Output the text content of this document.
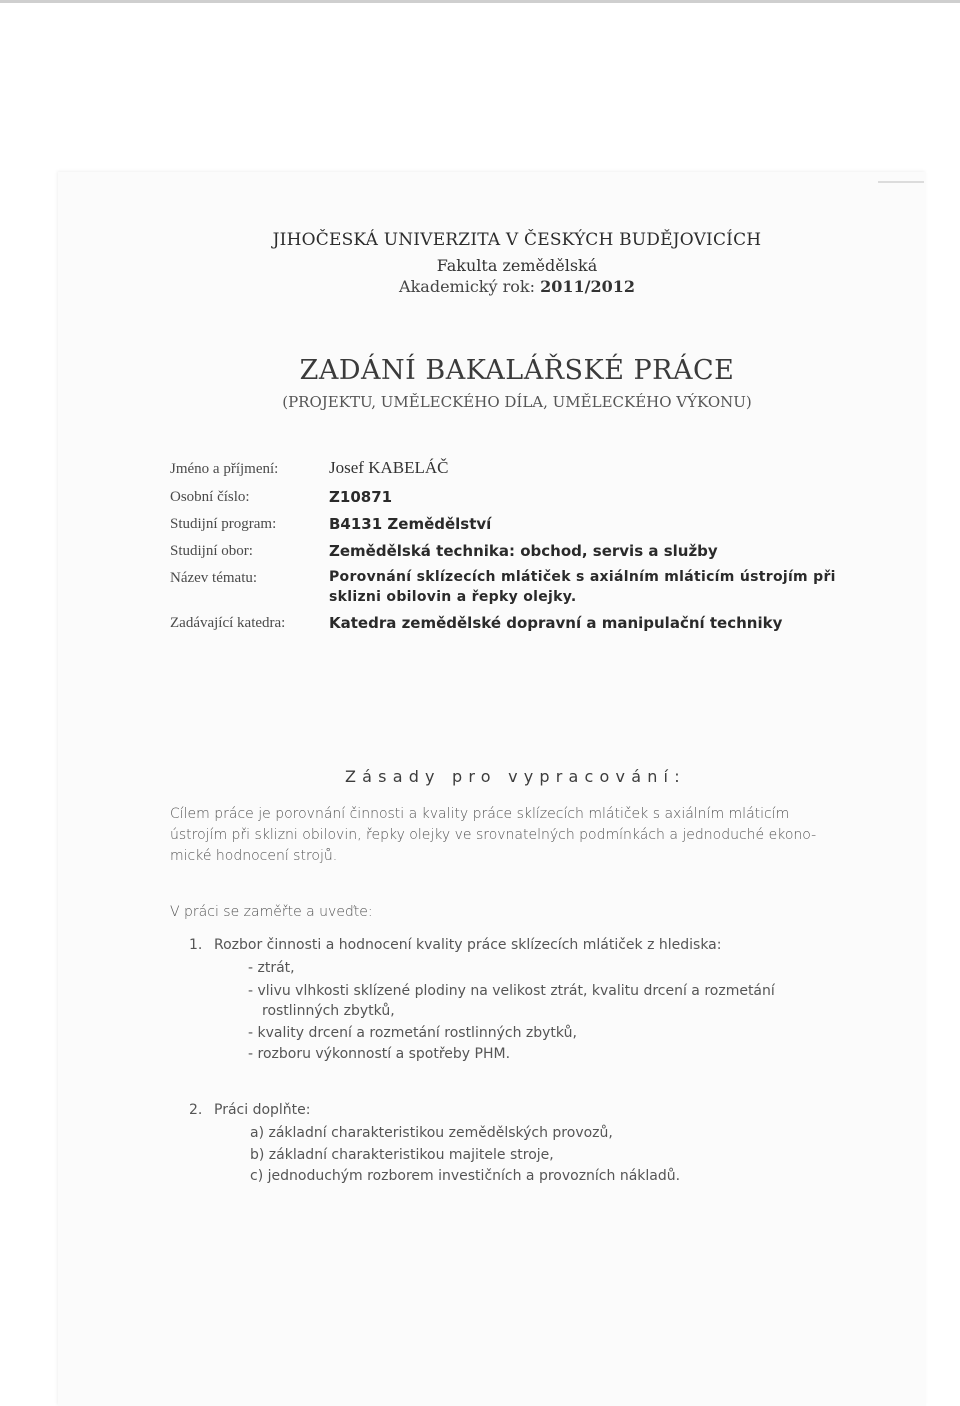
JIHOČESKÁ UNIVERZITA V ČESKÝCH BUDĚJOVICÍCH
Fakulta zemědělská
Akademický rok: 2011/2012
ZADÁNÍ BAKALÁŘSKÉ PRÁCE
(PROJEKTU, UMĚLECKÉHO DÍLA, UMĚLECKÉHO VÝKONU)
Jméno a příjmení:	Josef KABELÁČ
Osobní číslo:	Z10871
Studijní program:	B4131 Zemědělství
Studijní obor:	Zemědělská technika: obchod, servis a služby
Název tématu:	Porovnání sklízecích mlátiček s axiálním mláticím ústrojím při
sklizni obilovin a řepky olejky.
Zadávající katedra:	Katedra zemědělské dopravní a manipulační techniky
Zásady pro vypracování:
Cílem práce je porovnání činnosti a kvality práce sklízecích mlátiček s axiálním mláticím
ústrojím při sklizni obilovin, řepky olejky ve srovnatelných podmínkách a jednoduché ekono-
mické hodnocení strojů.
V práci se zaměřte a uveďte:
1. Rozbor činnosti a hodnocení kvality práce sklízecích mlátiček z hlediska:
- ztrát,
- vlivu vlhkosti sklízené plodiny na velikost ztrát, kvalitu drcení a rozmetání
rostlinných zbytků,
- kvality drcení a rozmetání rostlinných zbytků,
- rozboru výkonností a spotřeby PHM.
2. Práci doplňte:
a) základní charakteristikou zemědělských provozů,
b) základní charakteristikou majitele stroje,
c) jednoduchým rozborem investičních a provozních nákladů.
